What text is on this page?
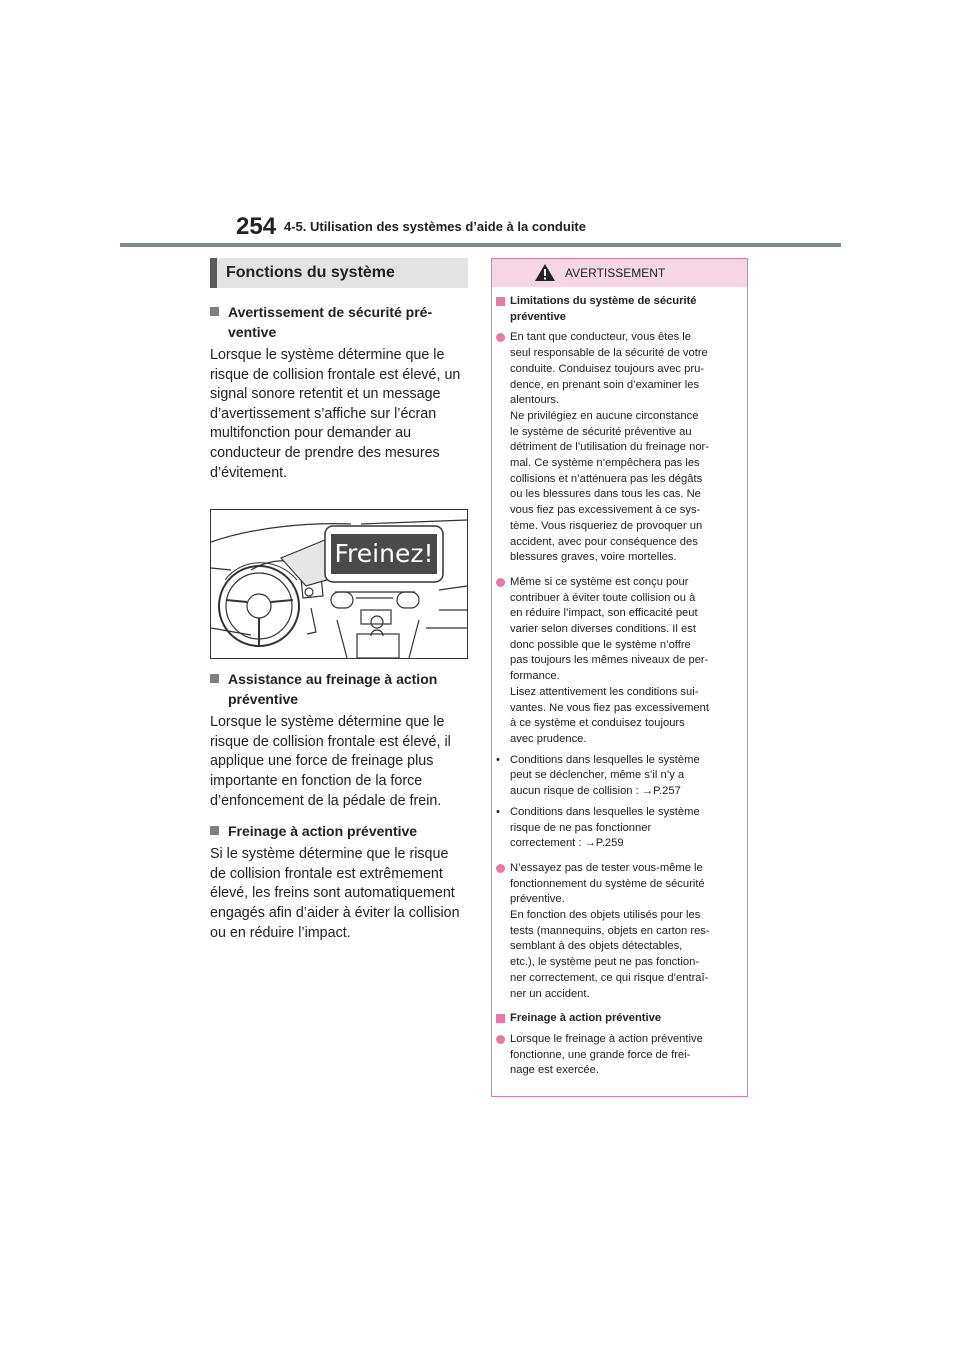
254 4-5. Utilisation des systèmes d’aide à la conduite
Fonctions du système
Avertissement de sécurité pré-
ventive

Lorsque le système détermine que le

risque de collision frontale est élevé, un

signal sonore retentit et un message

d’avertissement s’affiche sur l’écran

multifonction pour demander au

conducteur de prendre des mesures

d’évitement.

Freinez!
Assistance au freinage à action
préventive

Lorsque le système détermine que le

risque de collision frontale est élevé, il

applique une force de freinage plus

importante en fonction de la force

d’enfoncement de la pédale de frein.

Freinage à action préventive

Si le système détermine que le risque

de collision frontale est extrêmement

élevé, les freins sont automatiquement

engagés afin d’aider à éviter la collision

ou en réduire l’impact.

AVERTISSEMENT
Limitations du système de sécurité
préventive

En tant que conducteur, vous êtes le

seul responsable de la sécurité de votre

conduite. Conduisez toujours avec pru-

dence, en prenant soin d’examiner les

alentours.

Ne privilégiez en aucune circonstance

le système de sécurité préventive au

détriment de l’utilisation du freinage nor-

mal. Ce système n’empêchera pas les

collisions et n’atténuera pas les dégâts

ou les blessures dans tous les cas. Ne

vous fiez pas excessivement à ce sys-

tème. Vous risqueriez de provoquer un

accident, avec pour conséquence des

blessures graves, voire mortelles.

Même si ce système est conçu pour

contribuer à éviter toute collision ou à

en réduire l’impact, son efficacité peut

varier selon diverses conditions. Il est

donc possible que le système n’offre

pas toujours les mêmes niveaux de per-

formance.

Lisez attentivement les conditions sui-

vantes. Ne vous fiez pas excessivement

à ce système et conduisez toujours

avec prudence.

• Conditions dans lesquelles le système

peut se déclencher, même s’il n’y a

aucun risque de collision : →P.257

• Conditions dans lesquelles le système

risque de ne pas fonctionner

correctement : →P.259

N’essayez pas de tester vous-même le

fonctionnement du système de sécurité

préventive.

En fonction des objets utilisés pour les

tests (mannequins, objets en carton res-

semblant à des objets détectables,

etc.), le système peut ne pas fonction-

ner correctement, ce qui risque d’entraî-

ner un accident.

Freinage à action préventive

Lorsque le freinage à action préventive

fonctionne, une grande force de frei-

nage est exercée.
